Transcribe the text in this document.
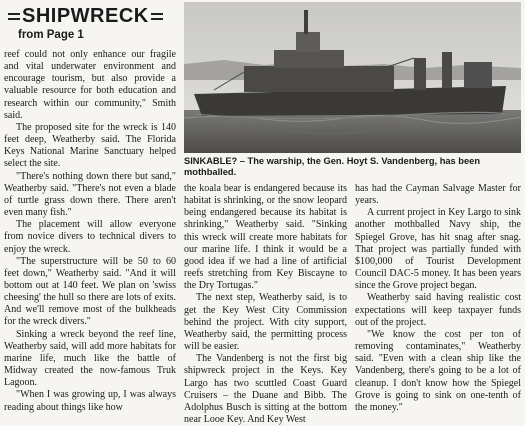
SHIPWRECK
from Page 1

reef could not only enhance our fragile and vital underwater environment and encourage tourism, but also provide a valuable resource for both education and research within our community," Smith said.

The proposed site for the wreck is 140 feet deep, Weatherby said. The Florida Keys National Marine Sanctuary helped select the site.

"There's nothing down there but sand," Weatherby said. "There's not even a blade of turtle grass down there. There aren't even many fish."

The placement will allow everyone from novice divers to technical divers to enjoy the wreck.

"The superstructure will be 50 to 60 feet down," Weatherby said. "And it will bottom out at 140 feet. We plan on 'swiss cheesing' the hull so there are lots of exits. And we'll remove most of the bulkheads for the wreck divers."

Sinking a wreck beyond the reef line, Weatherby said, will add more habitats for marine life, much like the battle of Midway created the now-famous Truk Lagoon.

"When I was growing up, I was always reading about things like how

SINKABLE? – The warship, the Gen. Hoyt S. Vandenberg, has been mothballed.

the koala bear is endangered because its habitat is shrinking, or the snow leopard being endangered because its habitat is shrinking," Weatherby said. "Sinking this wreck will create more habitats for our marine life. I think it would be a good idea if we had a line of artificial reefs stretching from Key Biscayne to the Dry Tortugas."

The next step, Weatherby said, is to get the Key West City Commission behind the project. With city support, Weatherby said, the permitting process will be easier.

The Vandenberg is not the first big shipwreck project in the Keys. Key Largo has two scuttled Coast Guard Cruisers – the Duane and Bibb. The Adolphus Busch is sitting at the bottom near Looe Key. And Key West

has had the Cayman Salvage Master for years.

A current project in Key Largo to sink another mothballed Navy ship, the Spiegel Grove, has hit snag after snag. That project was partially funded with $100,000 of Tourist Development Council DAC-5 money. It has been years since the Grove project began.

Weatherby said having realistic cost expectations will keep taxpayer funds out of the project.

"We know the cost per ton of removing contaminates," Weatherby said. "Even with a clean ship like the Vandenberg, there's going to be a lot of cleanup. I don't know how the Spiegel Grove is going to sink on one-tenth of the money."
